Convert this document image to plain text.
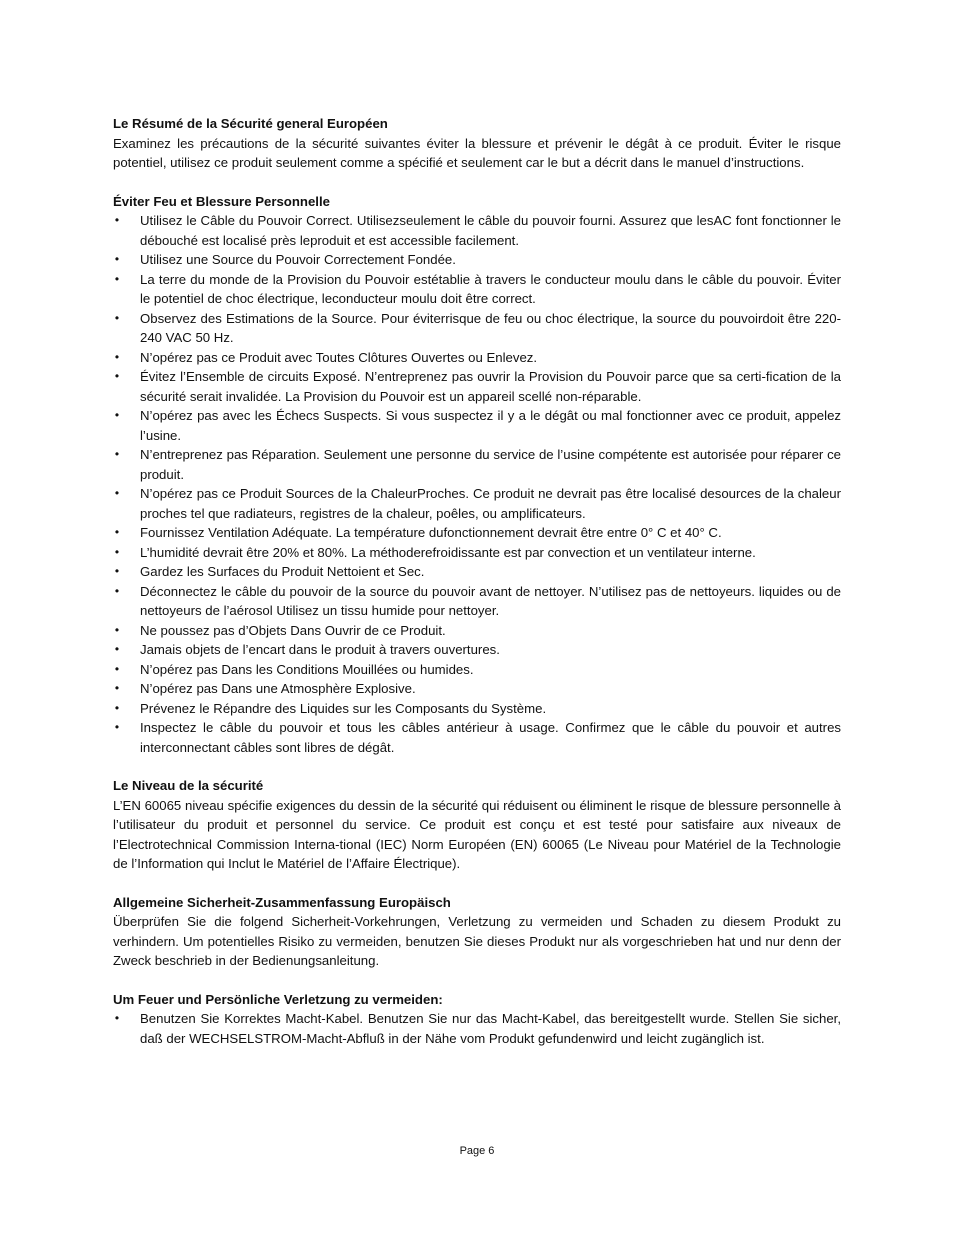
Le Résumé de la Sécurité general Européen

Examinez les précautions de la sécurité suivantes éviter la blessure et prévenir le dégât à ce produit. Éviter le risque potentiel, utilisez ce produit seulement comme a spécifié et seulement car le but a décrit dans le manuel d’instructions.

Éviter Feu et Blessure Personnelle

• Utilisez le Câble du Pouvoir Correct. Utilisezseulement le câble du pouvoir fourni. Assurez que lesAC font fonctionner le débouché est localisé près leproduit et est accessible facilement.
• Utilisez une Source du Pouvoir Correctement Fondée.
• La terre du monde de la Provision du Pouvoir estétablie à travers le conducteur moulu dans le câble du pouvoir. Éviter le potentiel de choc électrique, leconducteur moulu doit être correct.
• Observez des Estimations de la Source. Pour éviterrisque de feu ou choc électrique, la source du pouvoirdoit être 220-240 VAC 50 Hz.
• N’opérez pas ce Produit avec Toutes Clôtures Ouvertes ou Enlevez.
• Évitez l’Ensemble de circuits Exposé. N’entreprenez pas ouvrir la Provision du Pouvoir parce que sa certi-fication de la sécurité serait invalidée. La Provision du Pouvoir est un appareil scellé non-réparable.
• N’opérez pas avec les Échecs Suspects. Si vous suspectez il y a le dégât ou mal fonctionner avec ce produit, appelez l’usine.
• N’entreprenez pas Réparation. Seulement une personne du service de l’usine compétente est autorisée pour réparer ce produit.
• N’opérez pas ce Produit Sources de la ChaleurProches. Ce produit ne devrait pas être localisé desources de la chaleur proches tel que radiateurs, registres de la chaleur, poêles, ou amplificateurs.
• Fournissez Ventilation Adéquate. La température dufonctionnement devrait être entre 0° C et 40° C.
• L’humidité devrait être 20% et 80%. La méthoderefroidissante est par convection et un ventilateur interne.
• Gardez les Surfaces du Produit Nettoient et Sec.
• Déconnectez le câble du pouvoir de la source du pouvoir avant de nettoyer. N’utilisez pas de nettoyeurs. liquides ou de nettoyeurs de l’aérosol Utilisez un tissu humide pour nettoyer.
• Ne poussez pas d’Objets Dans Ouvrir de ce Produit.
• Jamais objets de l’encart dans le produit à travers ouvertures.
• N’opérez pas Dans les Conditions Mouillées ou humides.
• N’opérez pas Dans une Atmosphère Explosive.
• Prévenez le Répandre des Liquides sur les Composants du Système.
• Inspectez le câble du pouvoir et tous les câbles antérieur à usage. Confirmez que le câble du pouvoir et autres interconnectant câbles sont libres de dégât.

Le Niveau de la sécurité

L’EN 60065 niveau spécifie exigences du dessin de la sécurité qui réduisent ou éliminent le risque de blessure personnelle à l’utilisateur du produit et personnel du service. Ce produit est conçu et est testé pour satisfaire aux niveaux de l’Electrotechnical Commission Interna-tional (IEC) Norm Européen (EN) 60065 (Le Niveau pour Matériel de la Technologie de l’Information qui Inclut le Matériel de l’Affaire Électrique).

Allgemeine Sicherheit-Zusammenfassung Europäisch

Überprüfen Sie die folgend Sicherheit-Vorkehrungen, Verletzung zu vermeiden und Schaden zu diesem Produkt zu verhindern. Um potentielles Risiko zu vermeiden, benutzen Sie dieses Produkt nur als vorgeschrieben hat und nur denn der Zweck beschrieb in der Bedienungsanleitung.

Um Feuer und Persönliche Verletzung zu vermeiden:

• Benutzen Sie Korrektes Macht-Kabel. Benutzen Sie nur das Macht-Kabel, das bereitgestellt wurde. Stellen Sie sicher, daß der WECHSELSTROM-Macht-Abfluß in der Nähe vom Produkt gefundenwird und leicht zugänglich ist.
Page 6
